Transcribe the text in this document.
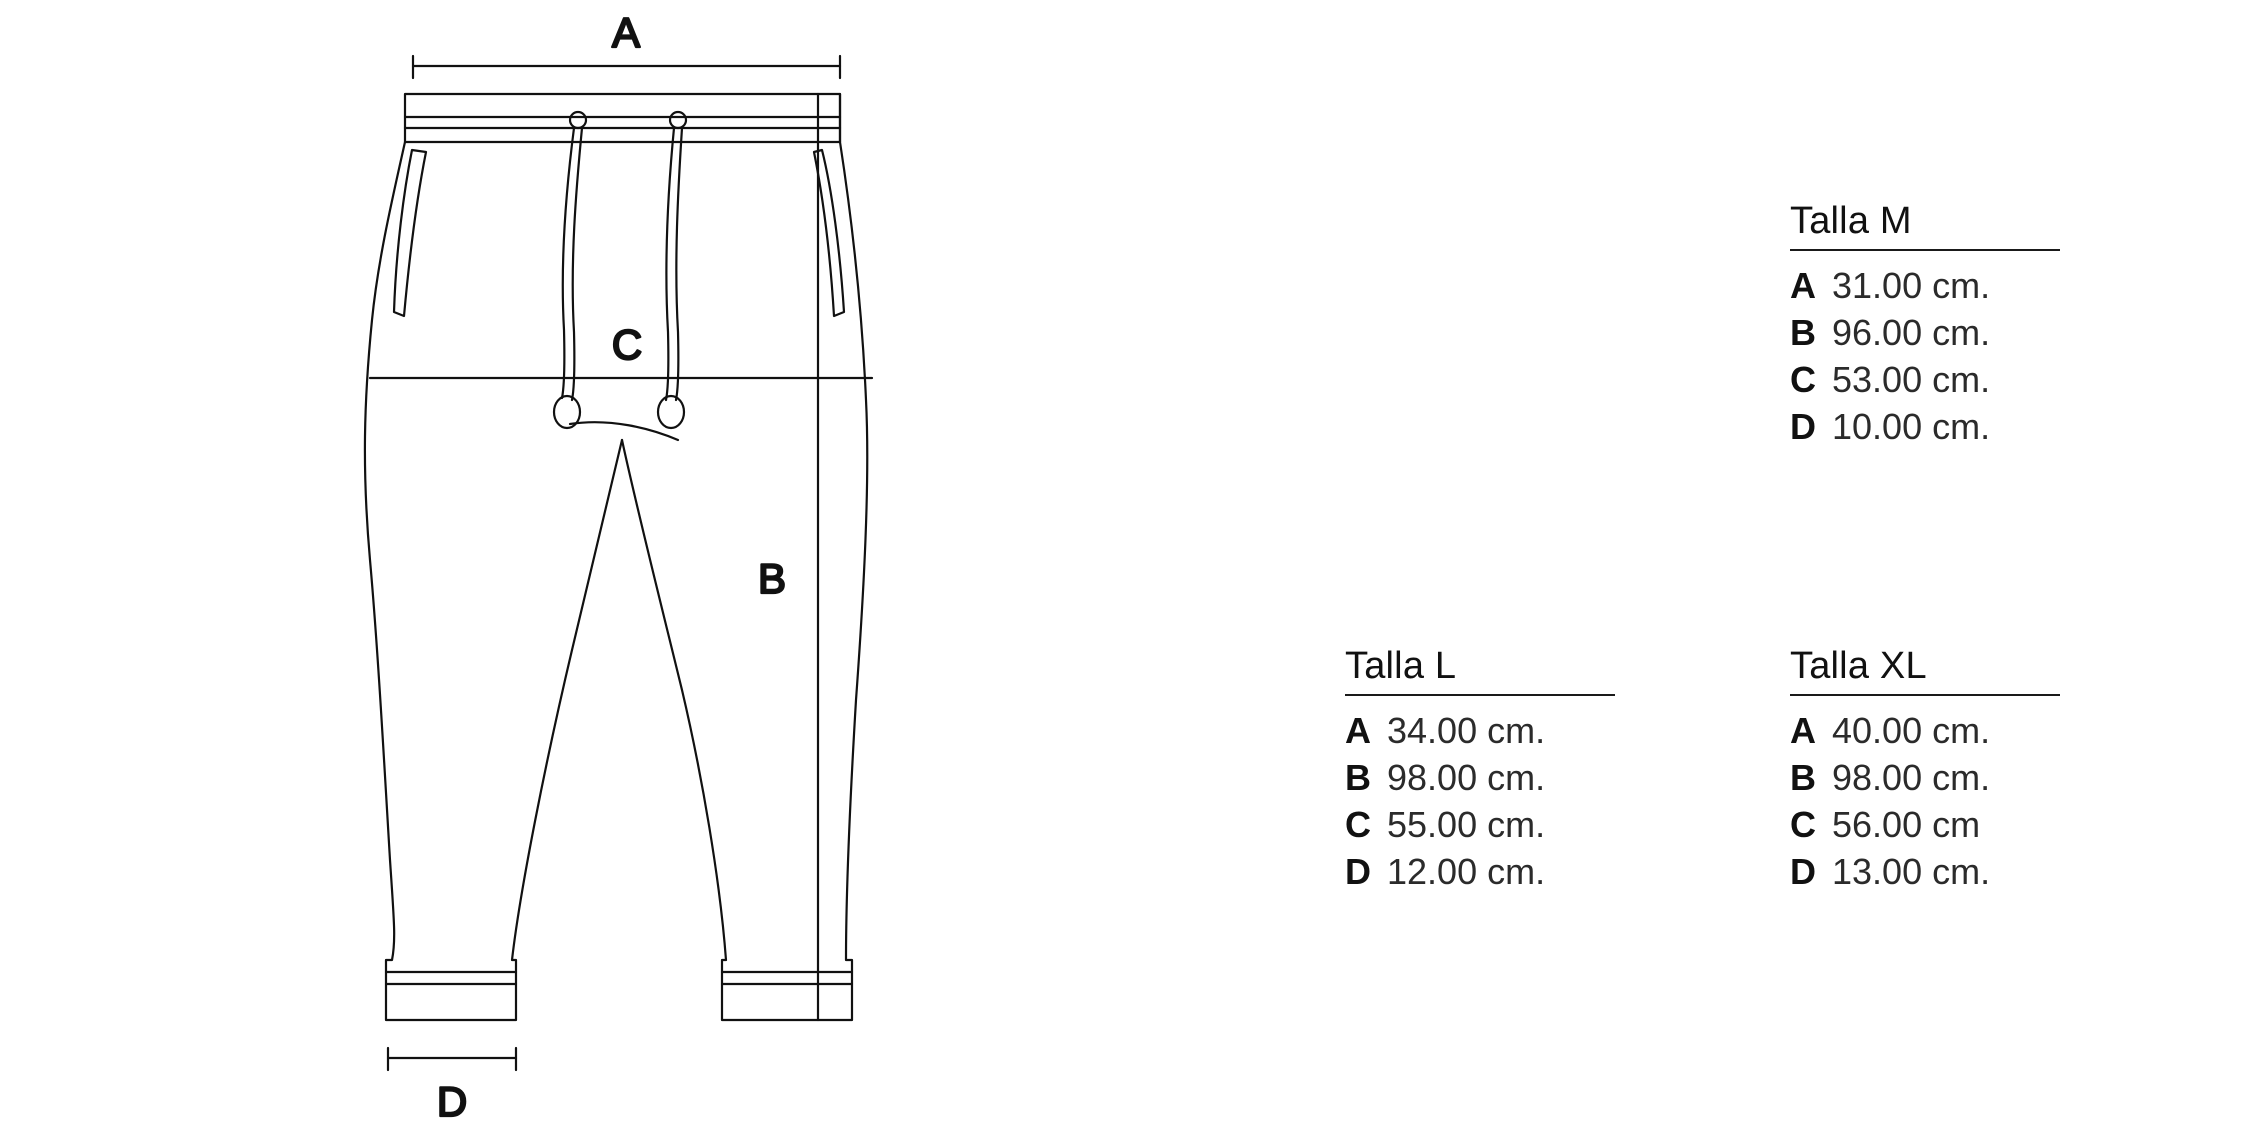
A
C
B
D
Talla M
A 31.00 cm.
B 96.00 cm.
C 53.00 cm.
D 10.00 cm.
Talla L
A 34.00 cm.
B 98.00 cm.
C 55.00 cm.
D 12.00 cm.
Talla XL
A 40.00 cm.
B 98.00 cm.
C 56.00 cm
D 13.00 cm.
